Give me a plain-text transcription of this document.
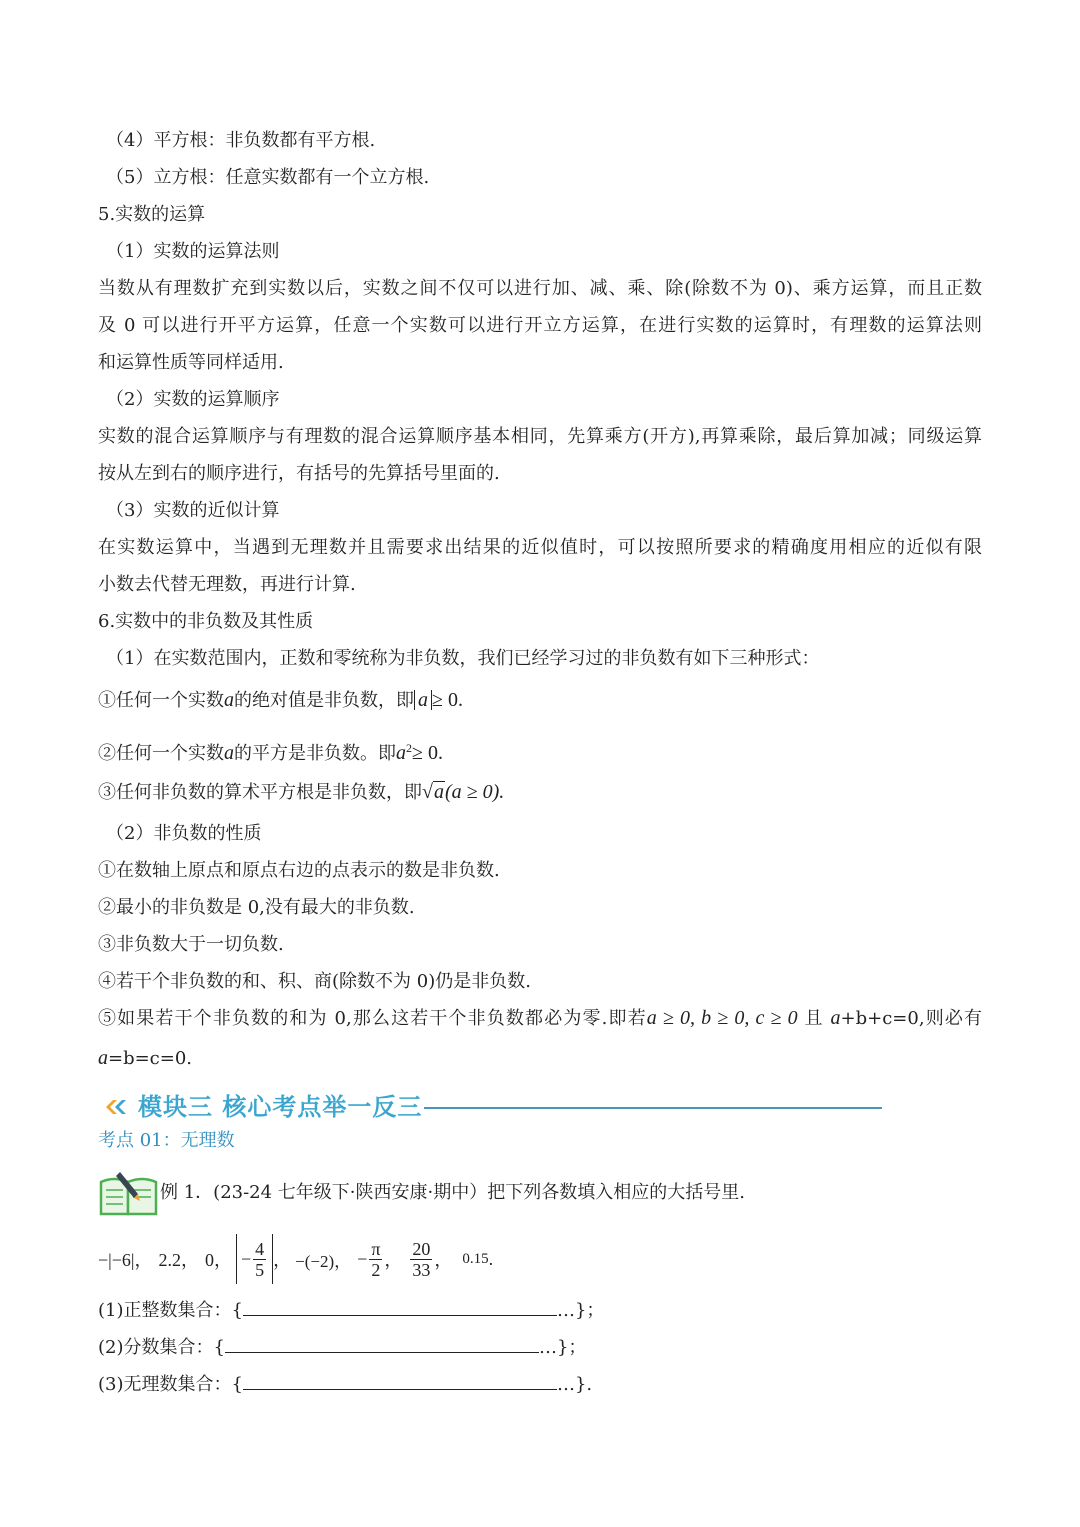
（4）平方根：非负数都有平方根.
（5）立方根：任意实数都有一个立方根.
5.实数的运算
（1）实数的运算法则
当数从有理数扩充到实数以后，实数之间不仅可以进行加、减、乘、除(除数不为 0)、乘方运算，而且正数
及 0 可以进行开平方运算，任意一个实数可以进行开立方运算，在进行实数的运算时，有理数的运算法则
和运算性质等同样适用.
（2）实数的运算顺序
实数的混合运算顺序与有理数的混合运算顺序基本相同，先算乘方(开方),再算乘除，最后算加减；同级运算
按从左到右的顺序进行，有括号的先算括号里面的.
（3）实数的近似计算
在实数运算中，当遇到无理数并且需要求出结果的近似值时，可以按照所要求的精确度用相应的近似有限
小数去代替无理数，再进行计算.
6.实数中的非负数及其性质
（1）在实数范围内，正数和零统称为非负数，我们已经学习过的非负数有如下三种形式：
①任何一个实数a的绝对值是非负数，即 a ≥ 0.
②任何一个实数a的平方是非负数。即$a^2\ge 0$.
③任何非负数的算术平方根是非负数，即√a(a ≥ 0).
（2）非负数的性质
①在数轴上原点和原点右边的点表示的数是非负数.
②最小的非负数是 0,没有最大的非负数.
③非负数大于一切负数.
④若干个非负数的和、积、商(除数不为 0)仍是非负数.
⑤如果若干个非负数的和为 0,那么这若干个非负数都必为零.即若a ≥ 0, b ≥ 0, c ≥ 0 且 a+b+c=0,则必有
a=b=c=0.
模块三 核心考点举一反三
考点 01：无理数
例 1．(23-24 七年级下·陕西安康·期中）把下列各数填入相应的大括号里.
−|−6|， 2.2， 0， − $\frac{4}{5}$ ， −(−2)， − $\frac{\pi}{2}$ ， $\frac{20}{33}$ ， 0.15 .
(1)正整数集合：{	…}；
(2)分数集合：{	…}；
(3)无理数集合：{	…}.
